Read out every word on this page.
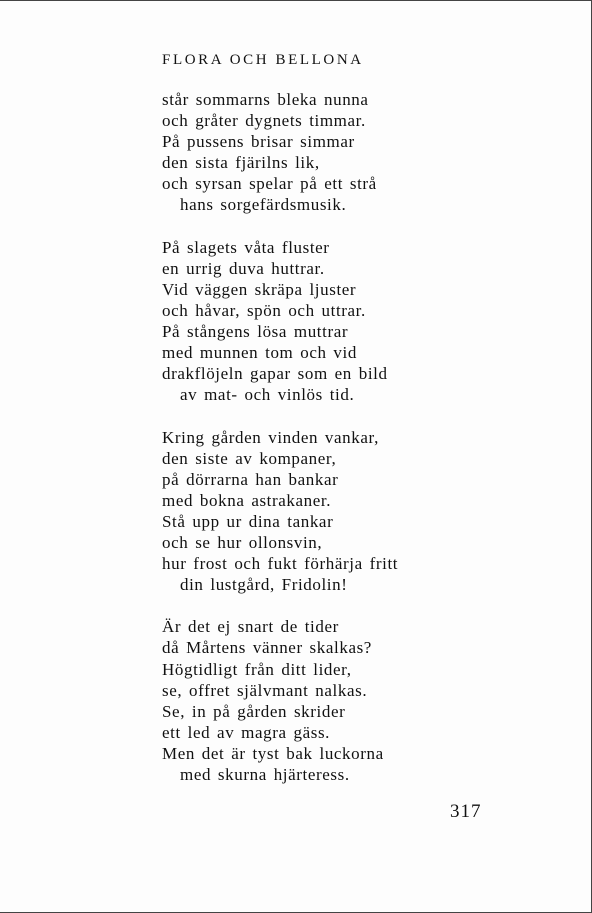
FLORA OCH BELLONA
står sommarns bleka nunna
och gråter dygnets timmar.
På pussens brisar simmar
den sista fjärilns lik,
och syrsan spelar på ett strå
hans sorgefärdsmusik.
På slagets våta fluster
en urrig duva huttrar.
Vid väggen skräpa ljuster
och håvar, spön och uttrar.
På stångens lösa muttrar
med munnen tom och vid
drakflöjeln gapar som en bild
av mat- och vinlös tid.
Kring gården vinden vankar,
den siste av kompaner,
på dörrarna han bankar
med bokna astrakaner.
Stå upp ur dina tankar
och se hur ollonsvin,
hur frost och fukt förhärja fritt
din lustgård, Fridolin!
Är det ej snart de tider
då Mårtens vänner skalkas?
Högtidligt från ditt lider,
se, offret självmant nalkas.
Se, in på gården skrider
ett led av magra gäss.
Men det är tyst bak luckorna
med skurna hjärteress.
317
